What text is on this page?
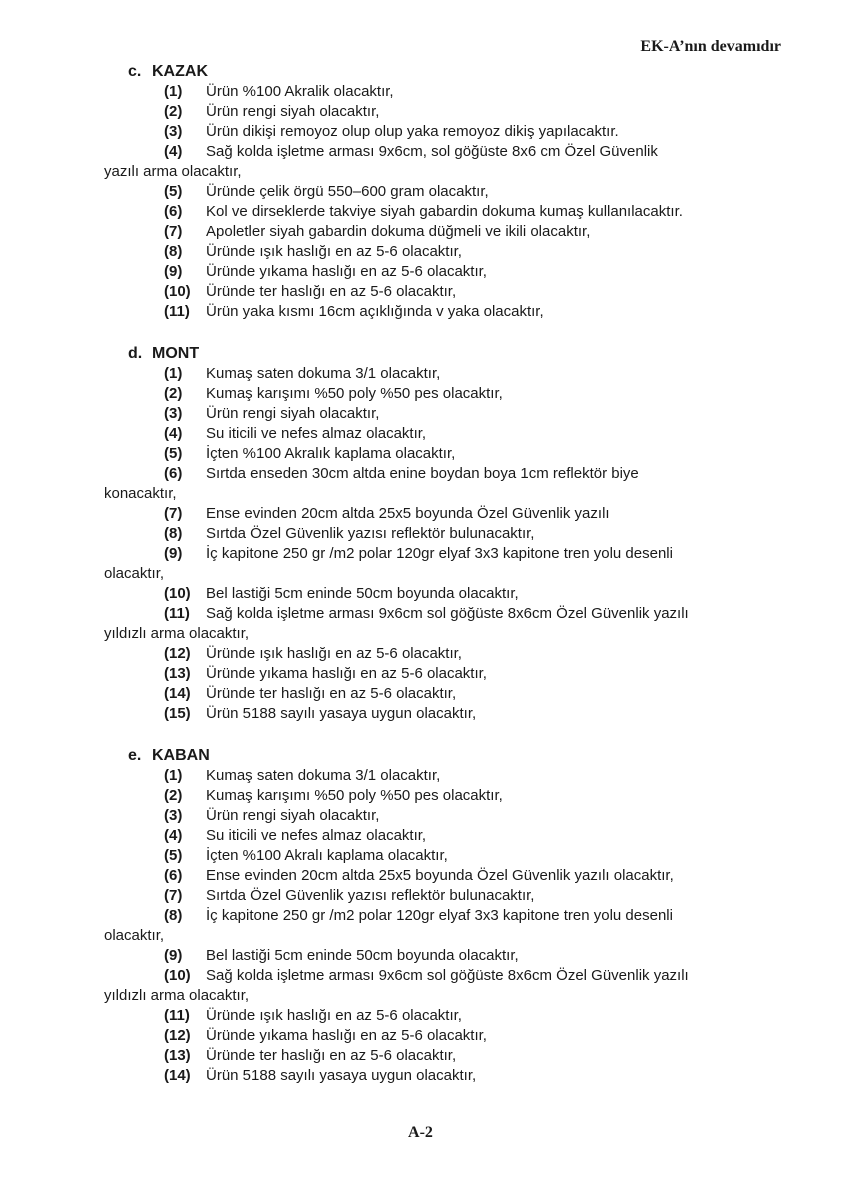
EK-A’nın devamıdır
c. KAZAK
(1) Ürün %100 Akralik olacaktır,
(2) Ürün rengi siyah olacaktır,
(3) Ürün dikişi remoyoz olup olup yaka remoyoz dikiş yapılacaktır.
(4) Sağ kolda işletme arması 9x6cm, sol göğüste 8x6 cm Özel Güvenlik
yazılı arma olacaktır,
(5) Üründe çelik örgü 550–600 gram olacaktır,
(6) Kol ve dirseklerde takviye siyah gabardin dokuma kumaş kullanılacaktır.
(7) Apoletler siyah gabardin dokuma düğmeli ve ikili olacaktır,
(8) Üründe ışık haslığı en az 5-6 olacaktır,
(9) Üründe yıkama haslığı en az 5-6 olacaktır,
(10) Üründe ter haslığı en az 5-6 olacaktır,
(11) Ürün yaka kısmı 16cm açıklığında v yaka olacaktır,
d. MONT
(1) Kumaş saten dokuma 3/1 olacaktır,
(2) Kumaş karışımı %50 poly %50 pes olacaktır,
(3) Ürün rengi siyah olacaktır,
(4) Su iticili ve nefes almaz olacaktır,
(5) İçten %100 Akralık kaplama olacaktır,
(6) Sırtda enseden 30cm altda enine boydan boya 1cm reflektör biye
konacaktır,
(7) Ense evinden 20cm altda 25x5 boyunda Özel Güvenlik yazılı
(8) Sırtda Özel Güvenlik yazısı reflektör bulunacaktır,
(9) İç kapitone 250 gr /m2 polar 120gr elyaf 3x3 kapitone tren yolu desenli
olacaktır,
(10) Bel lastiği 5cm eninde 50cm boyunda olacaktır,
(11) Sağ kolda işletme arması 9x6cm sol göğüste 8x6cm Özel Güvenlik yazılı
yıldızlı arma olacaktır,
(12) Üründe ışık haslığı en az 5-6 olacaktır,
(13) Üründe yıkama haslığı en az 5-6 olacaktır,
(14) Üründe ter haslığı en az 5-6 olacaktır,
(15) Ürün 5188 sayılı yasaya uygun olacaktır,
e. KABAN
(1) Kumaş saten dokuma 3/1 olacaktır,
(2) Kumaş karışımı %50 poly %50 pes olacaktır,
(3) Ürün rengi siyah olacaktır,
(4) Su iticili ve nefes almaz olacaktır,
(5) İçten %100 Akralı kaplama olacaktır,
(6) Ense evinden 20cm altda 25x5 boyunda Özel Güvenlik yazılı olacaktır,
(7) Sırtda Özel Güvenlik yazısı reflektör bulunacaktır,
(8) İç kapitone 250 gr /m2 polar 120gr elyaf 3x3 kapitone tren yolu desenli
olacaktır,
(9) Bel lastiği 5cm eninde 50cm boyunda olacaktır,
(10) Sağ kolda işletme arması 9x6cm sol göğüste 8x6cm Özel Güvenlik yazılı
yıldızlı arma olacaktır,
(11) Üründe ışık haslığı en az 5-6 olacaktır,
(12) Üründe yıkama haslığı en az 5-6 olacaktır,
(13) Üründe ter haslığı en az 5-6 olacaktır,
(14) Ürün 5188 sayılı yasaya uygun olacaktır,
A-2
